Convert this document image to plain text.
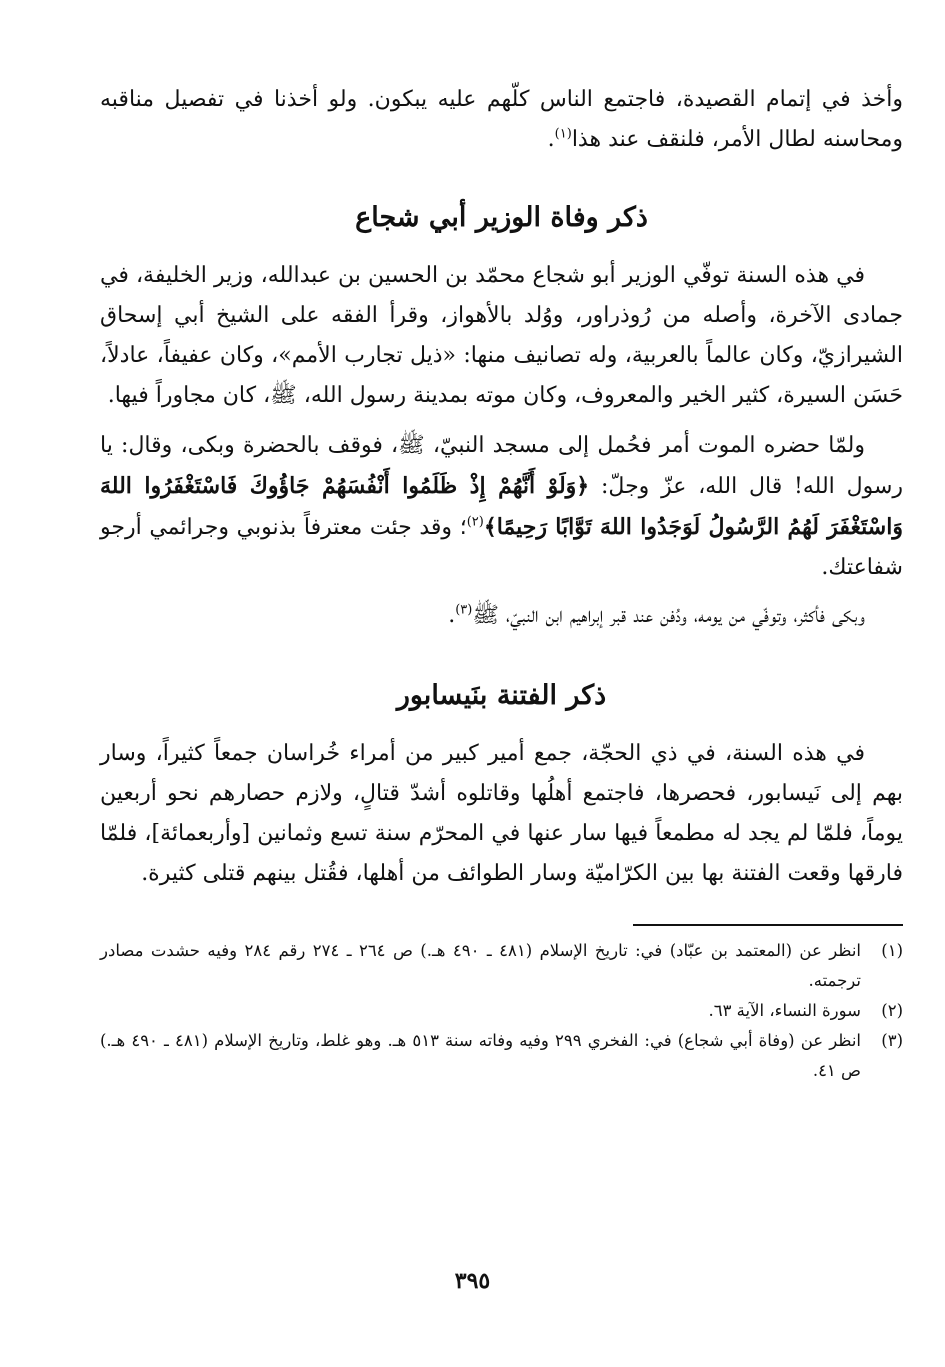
وأخذ في إتمام القصيدة، فاجتمع الناس كلّهم عليه يبكون. ولو أخذنا في تفصيل مناقبه ومحاسنه لطال الأمر، فلنقف عند هذا$^{(١)}$.

ذكر وفاة الوزير أبي شجاع

في هذه السنة توفّي الوزير أبو شجاع محمّد بن الحسين بن عبدالله، وزير الخليفة، في جمادى الآخرة، وأصله من رُوذراور، ووُلد بالأهواز، وقرأ الفقه على الشيخ أبي إسحاق الشيرازيّ، وكان عالماً بالعربية، وله تصانيف منها: «ذيل تجارب الأمم»، وكان عفيفاً، عادلاً، حَسَن السيرة، كثير الخير والمعروف، وكان موته بمدينة رسول الله، ﷺ، كان مجاوراً فيها.

ولمّا حضره الموت أمر فحُمل إلى مسجد النبيّ، ﷺ، فوقف بالحضرة وبكى، وقال: يا رسول الله! قال الله، عزّ وجلّ: ﴿وَلَوْ أَنَّهُمْ إِذْ ظَلَمُوا أَنْفُسَهُمْ جَاؤُوكَ فَاسْتَغْفَرُوا اللهَ وَاسْتَغْفَرَ لَهُمُ الرَّسُولُ لَوَجَدُوا اللهَ تَوَّابًا رَحِيمًا﴾$^{(٢)}$؛ وقد جئت معترفاً بذنوبي وجرائمي أرجو شفاعتك.

وبكى فأكثر، وتوفّي من يومه، ودُفن عند قبر إبراهيم ابن النبيّ، ﷺ$^{(٣)}$.

ذكر الفتنة بنَيسابور

في هذه السنة، في ذي الحجّة، جمع أمير كبير من أمراء خُراسان جمعاً كثيراً، وسار بهم إلى نَيسابور، فحصرها، فاجتمع أهلُها وقاتلوه أشدّ قتالٍ، ولازم حصارهم نحو أربعين يوماً، فلمّا لم يجد له مطمعاً فيها سار عنها في المحرّم سنة تسع وثمانين [وأربعمائة]، فلمّا فارقها وقعت الفتنة بها بين الكرّاميّة وسار الطوائف من أهلها، فقُتل بينهم قتلى كثيرة.

(١)
انظر عن (المعتمد بن عبّاد) في: تاريخ الإسلام (٤٨١ ـ ٤٩٠ هـ.) ص ٢٦٤ ـ ٢٧٤ رقم ٢٨٤ وفيه حشدت مصادر ترجمته.
(٢)
سورة النساء، الآية ٦٣.
(٣)
انظر عن (وفاة أبي شجاع) في: الفخري ٢٩٩ وفيه وفاته سنة ٥١٣ هـ. وهو غلط، وتاريخ الإسلام (٤٨١ ـ ٤٩٠ هـ.) ص ٤١.
٣٩٥
